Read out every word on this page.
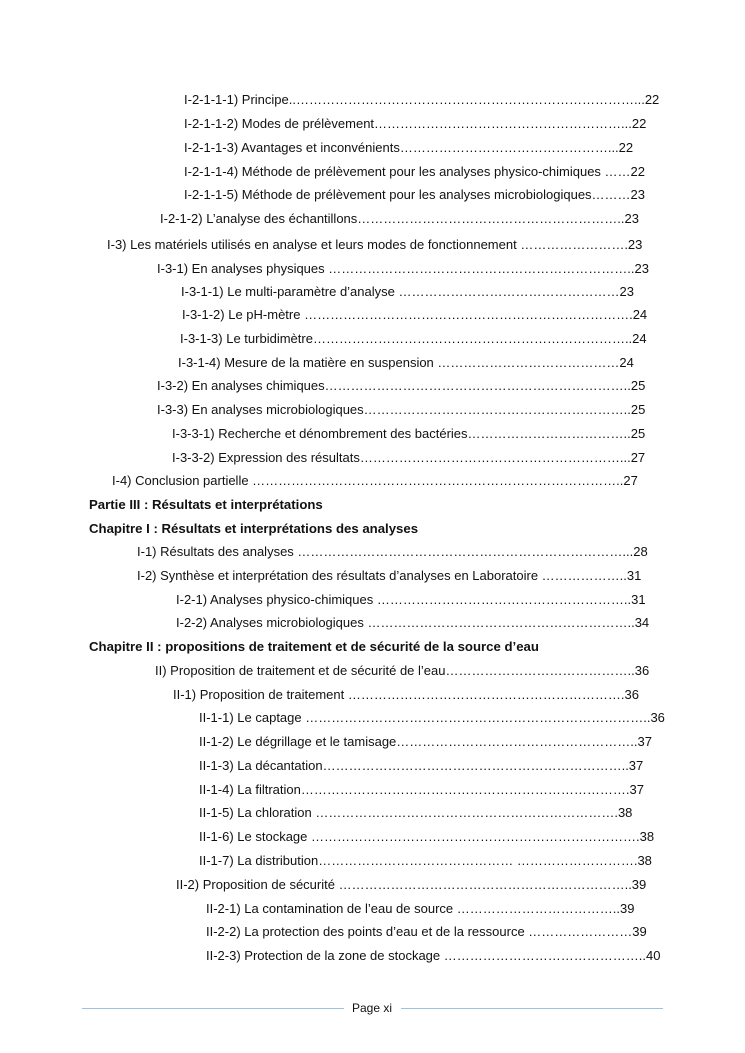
I-2-1-1-1) Principe..……………………………………………………………………...22
I-2-1-1-2) Modes de prélèvement…………………………………………………...22
I-2-1-1-3) Avantages et inconvénients…………………………………………...22
I-2-1-1-4) Méthode de prélèvement pour les analyses physico-chimiques ……22
I-2-1-1-5) Méthode de prélèvement pour les analyses microbiologiques………23
I-2-1-2) L’analyse des échantillons……………………………………………………..23
I-3) Les matériels utilisés en analyse et leurs modes de fonctionnement …………………….23
I-3-1) En analyses physiques ……………………………………………………………..23
I-3-1-1) Le multi-paramètre d’analyse ……………………………………………23
I-3-1-2) Le pH-mètre ………………………………………………………………….24
I-3-1-3) Le turbidimètre………………………………………………………………..24
I-3-1-4) Mesure de la matière en suspension ……………………………………24
I-3-2) En analyses chimiques……………………………………………………………..25
I-3-3) En analyses microbiologiques……………………………………………………..25
I-3-3-1) Recherche et dénombrement des bactéries………………………………..25
I-3-3-2) Expression des résultats……………………………………………………...27
I-4) Conclusion partielle …………………………………………………………………………..27
Partie III : Résultats et interprétations
Chapitre I : Résultats et interprétations des analyses
I-1) Résultats des analyses …………………………………………………………………...28
I-2) Synthèse et interprétation des résultats d’analyses en Laboratoire ………………..31
I-2-1) Analyses physico-chimiques …………………………………………………..31
I-2-2) Analyses microbiologiques ……………………………………………………..34
Chapitre II : propositions de traitement et de sécurité de la source d’eau
II) Proposition de traitement et de sécurité de l’eau……………………………………..36
II-1) Proposition de traitement ……………………………………………………….36
II-1-1) Le captage ……………………………………………………………………..36
II-1-2) Le dégrillage et le tamisage………………………………………………..37
II-1-3) La décantation……………………………………………………………..37
II-1-4) La filtration………………………………………………………………….37
II-1-5) La chloration …………………………………………………………….38
II-1-6) Le stockage ………………………………………………………………….38
II-1-7) La distribution……………………………………… ……………………….38
II-2) Proposition de sécurité …………………………………………………………..39
II-2-1) La contamination de l’eau de source ………………………………..39
II-2-2) La protection des points d’eau et de la ressource ……………………39
II-2-3) Protection de la zone de stockage ………………………………………..40
Page xi
